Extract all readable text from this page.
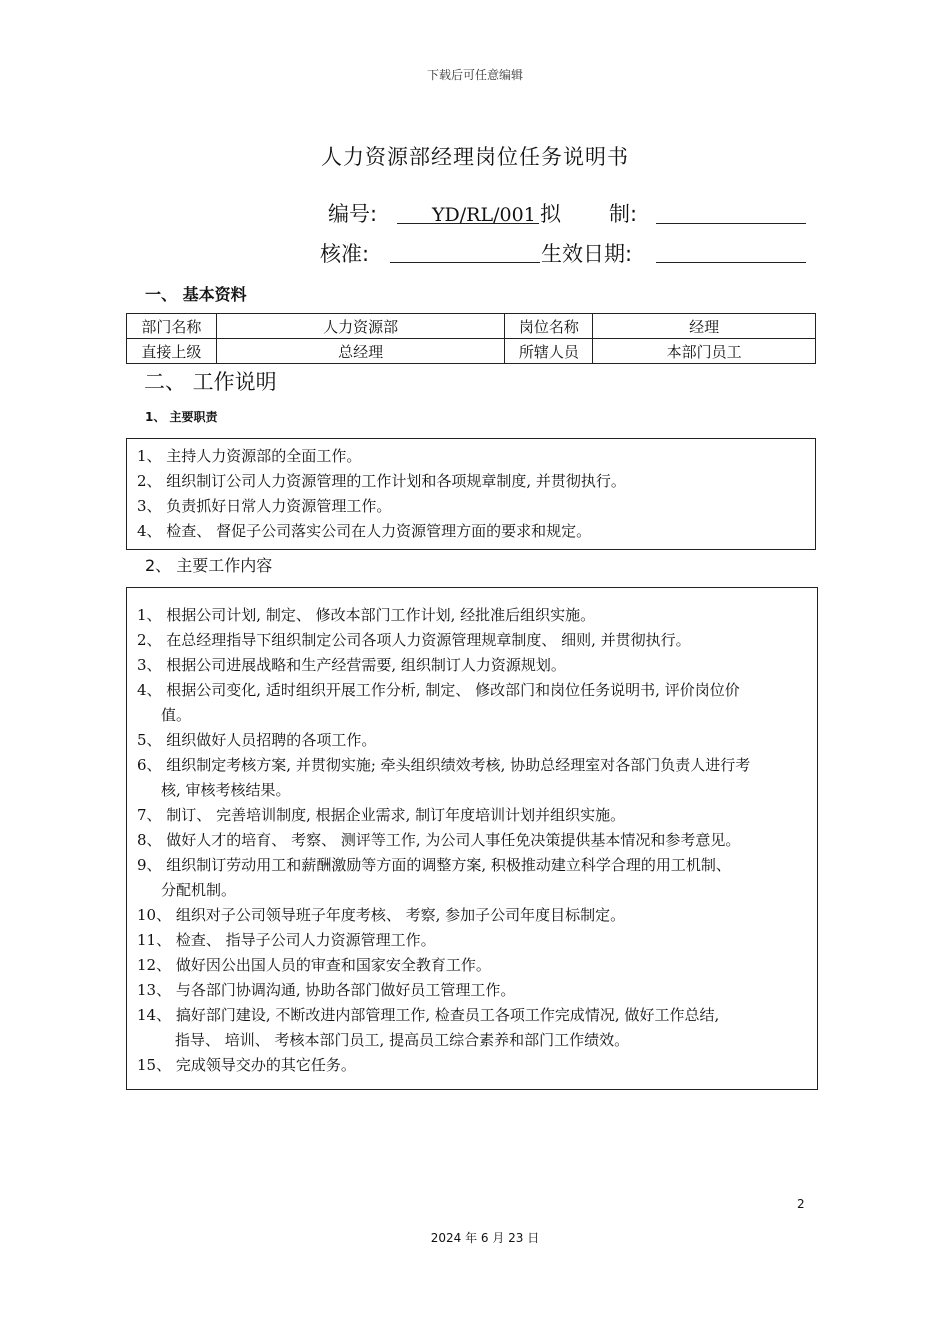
下载后可任意编辑
人力资源部经理岗位任务说明书
编号:	YD/RL/001 拟 制:
核准:	生效日期:
一、 基本资料
部门名称	人力资源部	岗位名称	经理
直接上级	总经理	所辖人员	本部门员工
二、 工作说明
1、 主要职责
1、 主持人力资源部的全面工作。
2、 组织制订公司人力资源管理的工作计划和各项规章制度, 并贯彻执行。
3、 负责抓好日常人力资源管理工作。
4、 检查、 督促子公司落实公司在人力资源管理方面的要求和规定。
2、 主要工作内容
1、 根据公司计划, 制定、 修改本部门工作计划, 经批准后组织实施。
2、 在总经理指导下组织制定公司各项人力资源管理规章制度、 细则, 并贯彻执行。
3、 根据公司进展战略和生产经营需要, 组织制订人力资源规划。
4、 根据公司变化, 适时组织开展工作分析, 制定、 修改部门和岗位任务说明书, 评价岗位价
值。
5、 组织做好人员招聘的各项工作。
6、 组织制定考核方案, 并贯彻实施; 牵头组织绩效考核, 协助总经理室对各部门负责人进行考
核, 审核考核结果。
7、 制订、 完善培训制度, 根据企业需求, 制订年度培训计划并组织实施。
8、 做好人才的培育、 考察、 测评等工作, 为公司人事任免决策提供基本情况和参考意见。
9、 组织制订劳动用工和薪酬激励等方面的调整方案, 积极推动建立科学合理的用工机制、
分配机制。
10、 组织对子公司领导班子年度考核、 考察, 参加子公司年度目标制定。
11、 检查、 指导子公司人力资源管理工作。
12、 做好因公出国人员的审查和国家安全教育工作。
13、 与各部门协调沟通, 协助各部门做好员工管理工作。
14、 搞好部门建设, 不断改进内部管理工作, 检查员工各项工作完成情况, 做好工作总结,
指导、 培训、 考核本部门员工, 提高员工综合素养和部门工作绩效。
15、 完成领导交办的其它任务。
2
2024 年 6 月 23 日
